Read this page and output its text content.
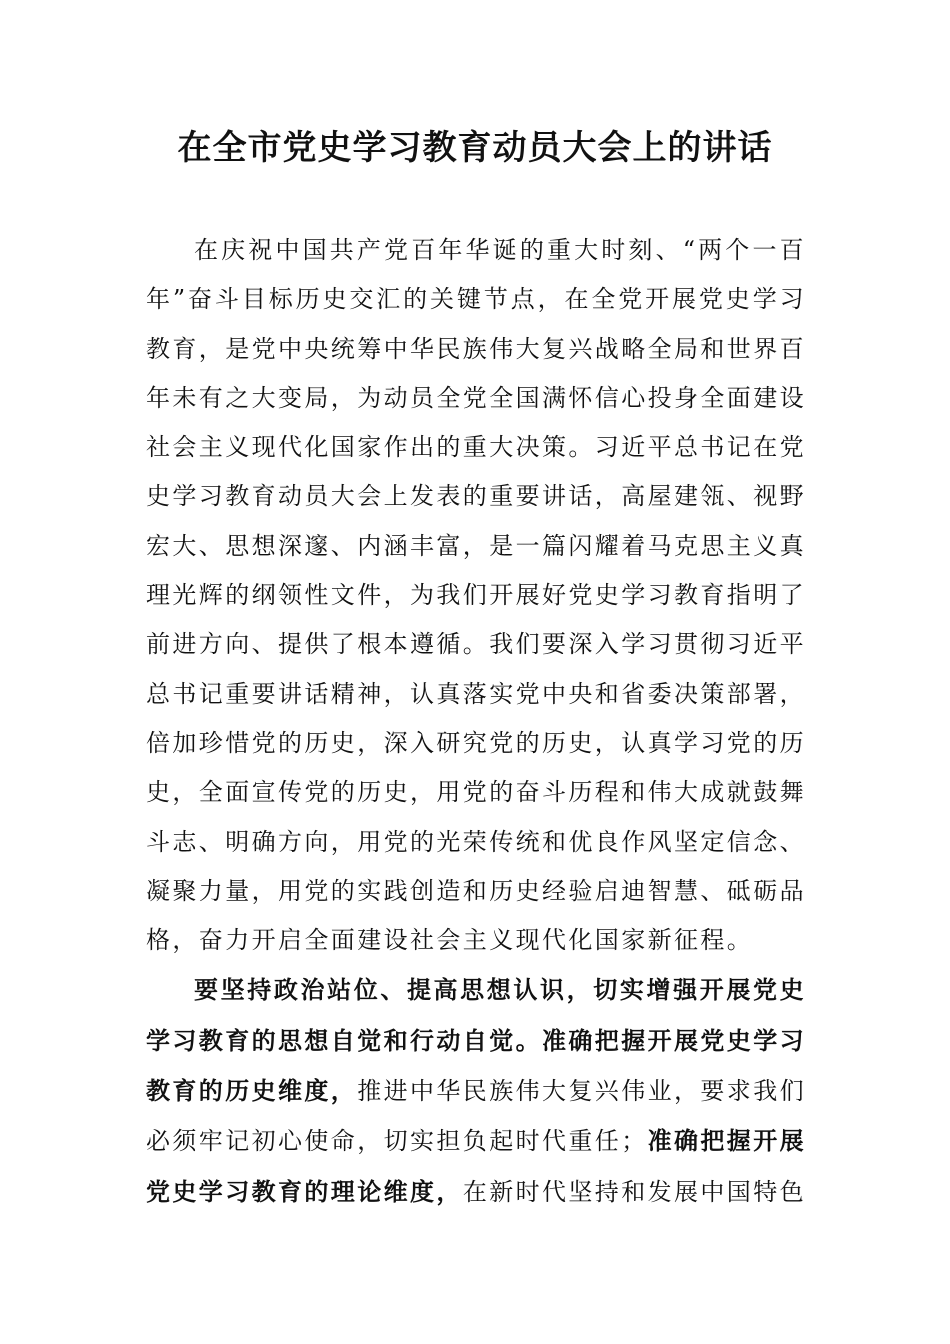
在全市党史学习教育动员大会上的讲话

在庆祝中国共产党百年华诞的重大时刻、“两个一百年”奋斗目标历史交汇的关键节点，在全党开展党史学习教育，是党中央统筹中华民族伟大复兴战略全局和世界百年未有之大变局，为动员全党全国满怀信心投身全面建设社会主义现代化国家作出的重大决策。习近平总书记在党史学习教育动员大会上发表的重要讲话，高屋建瓴、视野宏大、思想深邃、内涵丰富，是一篇闪耀着马克思主义真理光辉的纲领性文件，为我们开展好党史学习教育指明了前进方向、提供了根本遵循。我们要深入学习贯彻习近平总书记重要讲话精神，认真落实党中央和省委决策部署，倍加珍惜党的历史，深入研究党的历史，认真学习党的历史，全面宣传党的历史，用党的奋斗历程和伟大成就鼓舞斗志、明确方向，用党的光荣传统和优良作风坚定信念、凝聚力量，用党的实践创造和历史经验启迪智慧、砥砺品格，奋力开启全面建设社会主义现代化国家新征程。

要坚持政治站位、提高思想认识，切实增强开展党史学习教育的思想自觉和行动自觉。准确把握开展党史学习教育的历史维度，推进中华民族伟大复兴伟业，要求我们必须牢记初心使命，切实担负起时代重任；准确把握开展党史学习教育的理论维度，在新时代坚持和发展中国特色
